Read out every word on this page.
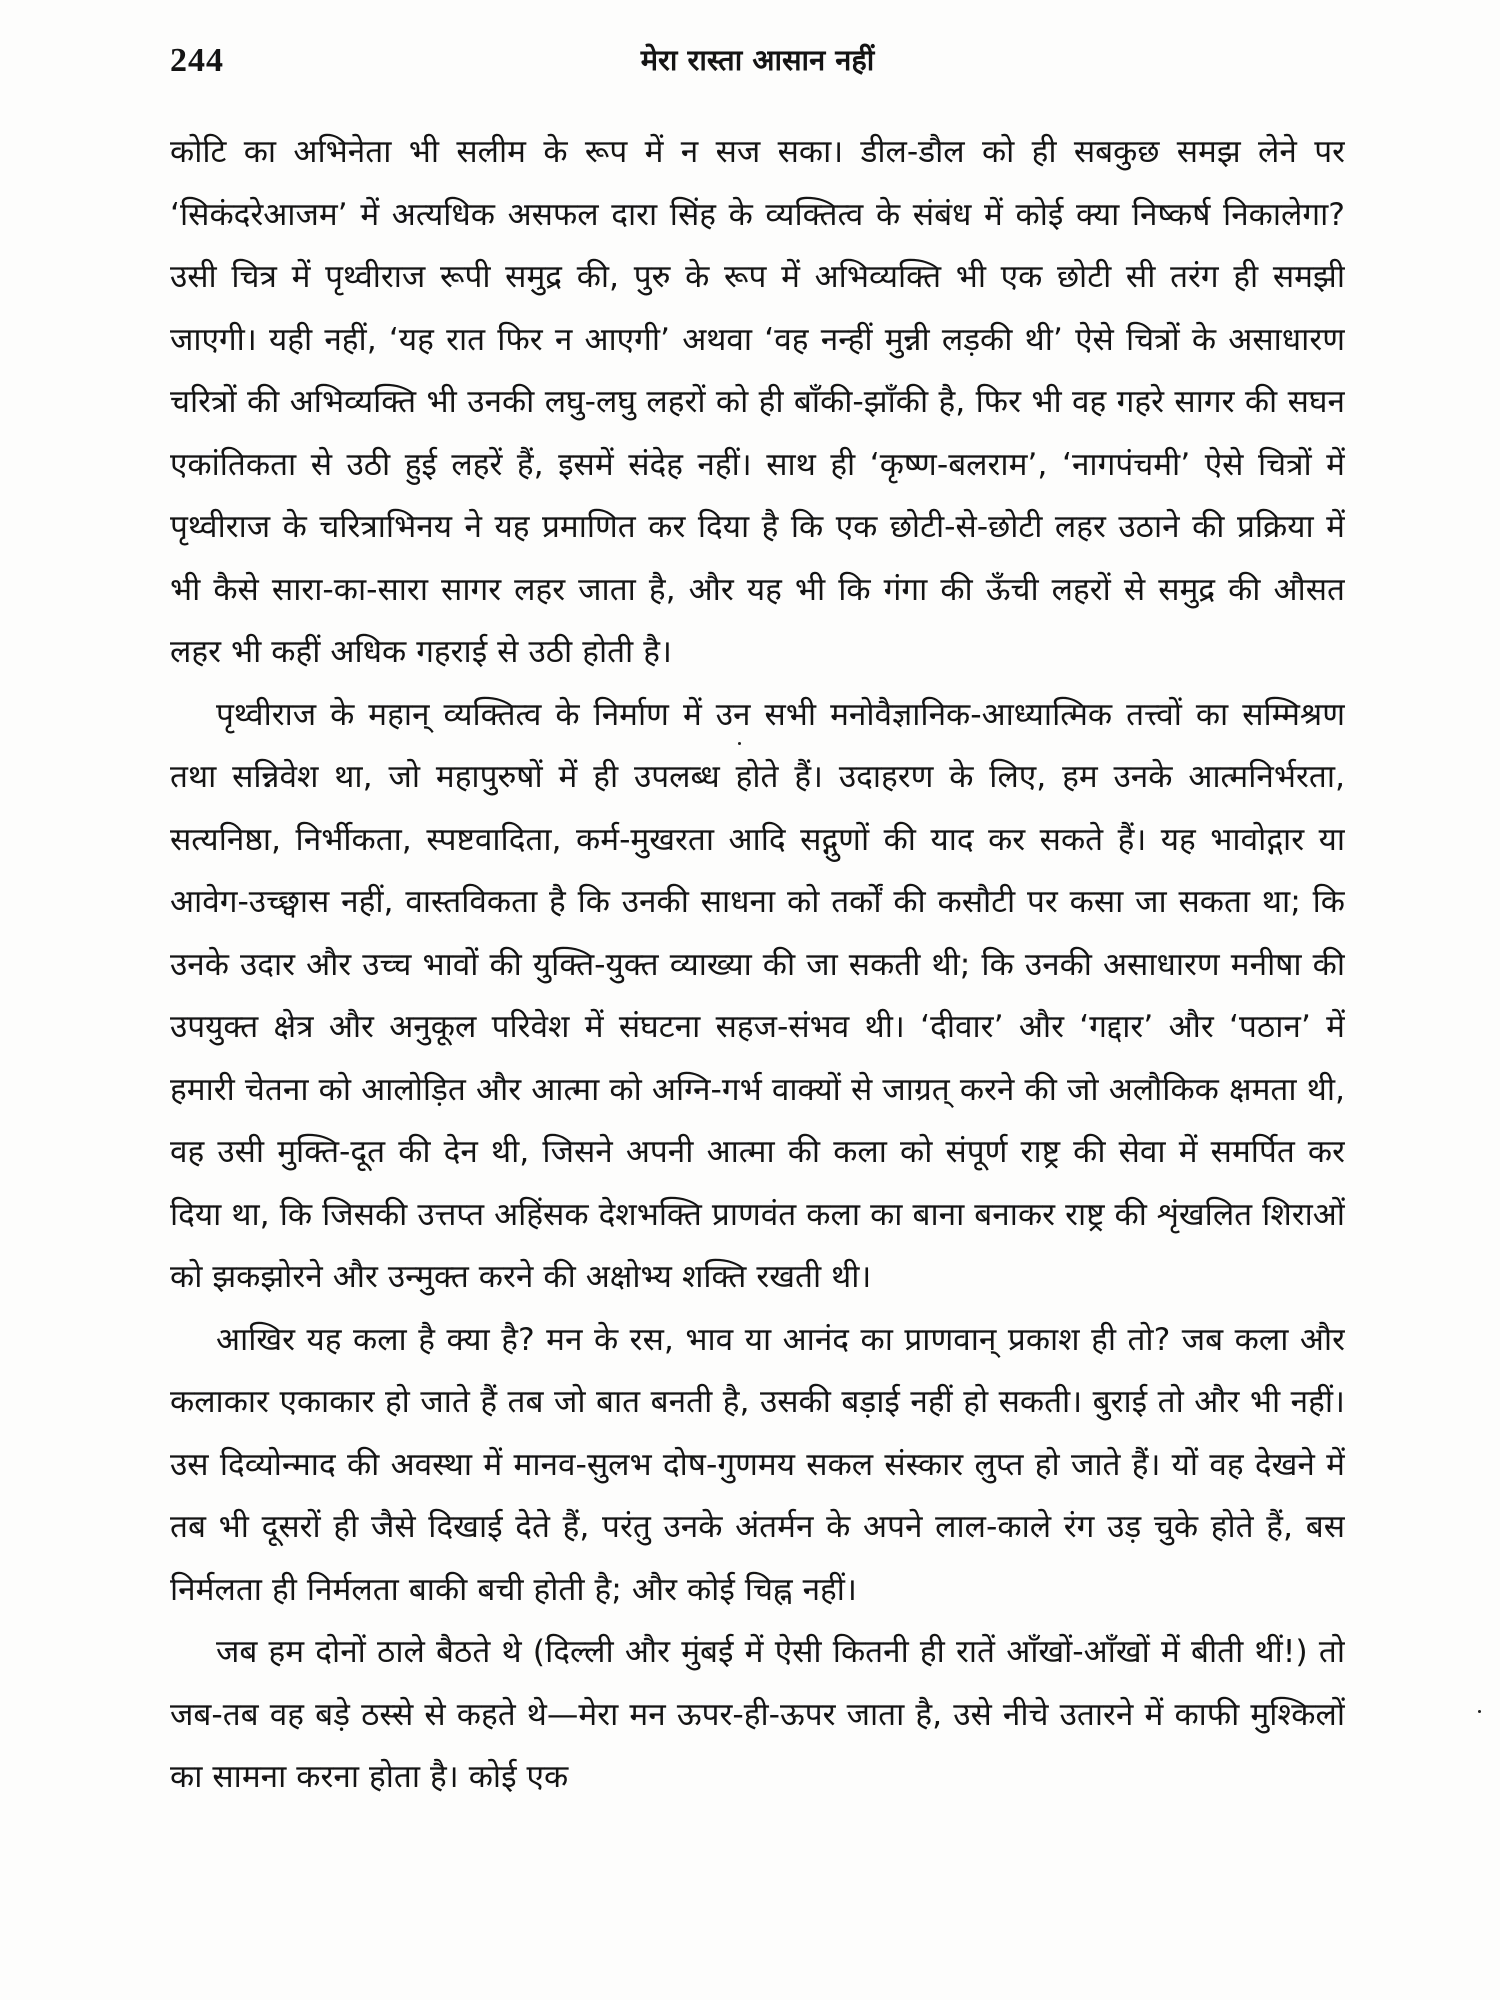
244	मेरा रास्ता आसान नहीं

कोटि का अभिनेता भी सलीम के रूप में न सज सका। डील-डौल को ही सबकुछ समझ लेने पर ‘सिकंदरेआजम’ में अत्यधिक असफल दारा सिंह के व्यक्तित्व के संबंध में कोई क्या निष्कर्ष निकालेगा? उसी चित्र में पृथ्वीराज रूपी समुद्र की, पुरु के रूप में अभिव्यक्ति भी एक छोटी सी तरंग ही समझी जाएगी। यही नहीं, ‘यह रात फिर न आएगी’ अथवा ‘वह नन्हीं मुन्नी लड़की थी’ ऐसे चित्रों के असाधारण चरित्रों की अभिव्यक्ति भी उनकी लघु-लघु लहरों को ही बाँकी-झाँकी है, फिर भी वह गहरे सागर की सघन एकांतिकता से उठी हुई लहरें हैं, इसमें संदेह नहीं। साथ ही ‘कृष्ण-बलराम’, ‘नागपंचमी’ ऐसे चित्रों में पृथ्वीराज के चरित्राभिनय ने यह प्रमाणित कर दिया है कि एक छोटी-से-छोटी लहर उठाने की प्रक्रिया में भी कैसे सारा-का-सारा सागर लहर जाता है, और यह भी कि गंगा की ऊँची लहरों से समुद्र की औसत लहर भी कहीं अधिक गहराई से उठी होती है।

पृथ्वीराज के महान् व्यक्तित्व के निर्माण में उन सभी मनोवैज्ञानिक-आध्यात्मिक तत्त्वों का सम्मिश्रण तथा सन्निवेश था, जो महापुरुषों में ही उपलब्ध होते हैं। उदाहरण के लिए, हम उनके आत्मनिर्भरता, सत्यनिष्ठा, निर्भीकता, स्पष्टवादिता, कर्म-मुखरता आदि सद्गुणों की याद कर सकते हैं। यह भावोद्गार या आवेग-उच्छ्वास नहीं, वास्तविकता है कि उनकी साधना को तर्कों की कसौटी पर कसा जा सकता था; कि उनके उदार और उच्च भावों की युक्ति-युक्त व्याख्या की जा सकती थी; कि उनकी असाधारण मनीषा की उपयुक्त क्षेत्र और अनुकूल परिवेश में संघटना सहज-संभव थी। ‘दीवार’ और ‘गद्दार’ और ‘पठान’ में हमारी चेतना को आलोड़ित और आत्मा को अग्नि-गर्भ वाक्यों से जाग्रत् करने की जो अलौकिक क्षमता थी, वह उसी मुक्ति-दूत की देन थी, जिसने अपनी आत्मा की कला को संपूर्ण राष्ट्र की सेवा में समर्पित कर दिया था, कि जिसकी उत्तप्त अहिंसक देशभक्ति प्राणवंत कला का बाना बनाकर राष्ट्र की शृंखलित शिराओं को झकझोरने और उन्मुक्त करने की अक्षोभ्य शक्ति रखती थी।

आखिर यह कला है क्या है? मन के रस, भाव या आनंद का प्राणवान् प्रकाश ही तो? जब कला और कलाकार एकाकार हो जाते हैं तब जो बात बनती है, उसकी बड़ाई नहीं हो सकती। बुराई तो और भी नहीं। उस दिव्योन्माद की अवस्था में मानव-सुलभ दोष-गुणमय सकल संस्कार लुप्त हो जाते हैं। यों वह देखने में तब भी दूसरों ही जैसे दिखाई देते हैं, परंतु उनके अंतर्मन के अपने लाल-काले रंग उड़ चुके होते हैं, बस निर्मलता ही निर्मलता बाकी बची होती है; और कोई चिह्न नहीं।

जब हम दोनों ठाले बैठते थे (दिल्ली और मुंबई में ऐसी कितनी ही रातें आँखों-आँखों में बीती थीं!) तो जब-तब वह बड़े ठस्से से कहते थे—मेरा मन ऊपर-ही-ऊपर जाता है, उसे नीचे उतारने में काफी मुश्किलों का सामना करना होता है। कोई एक
